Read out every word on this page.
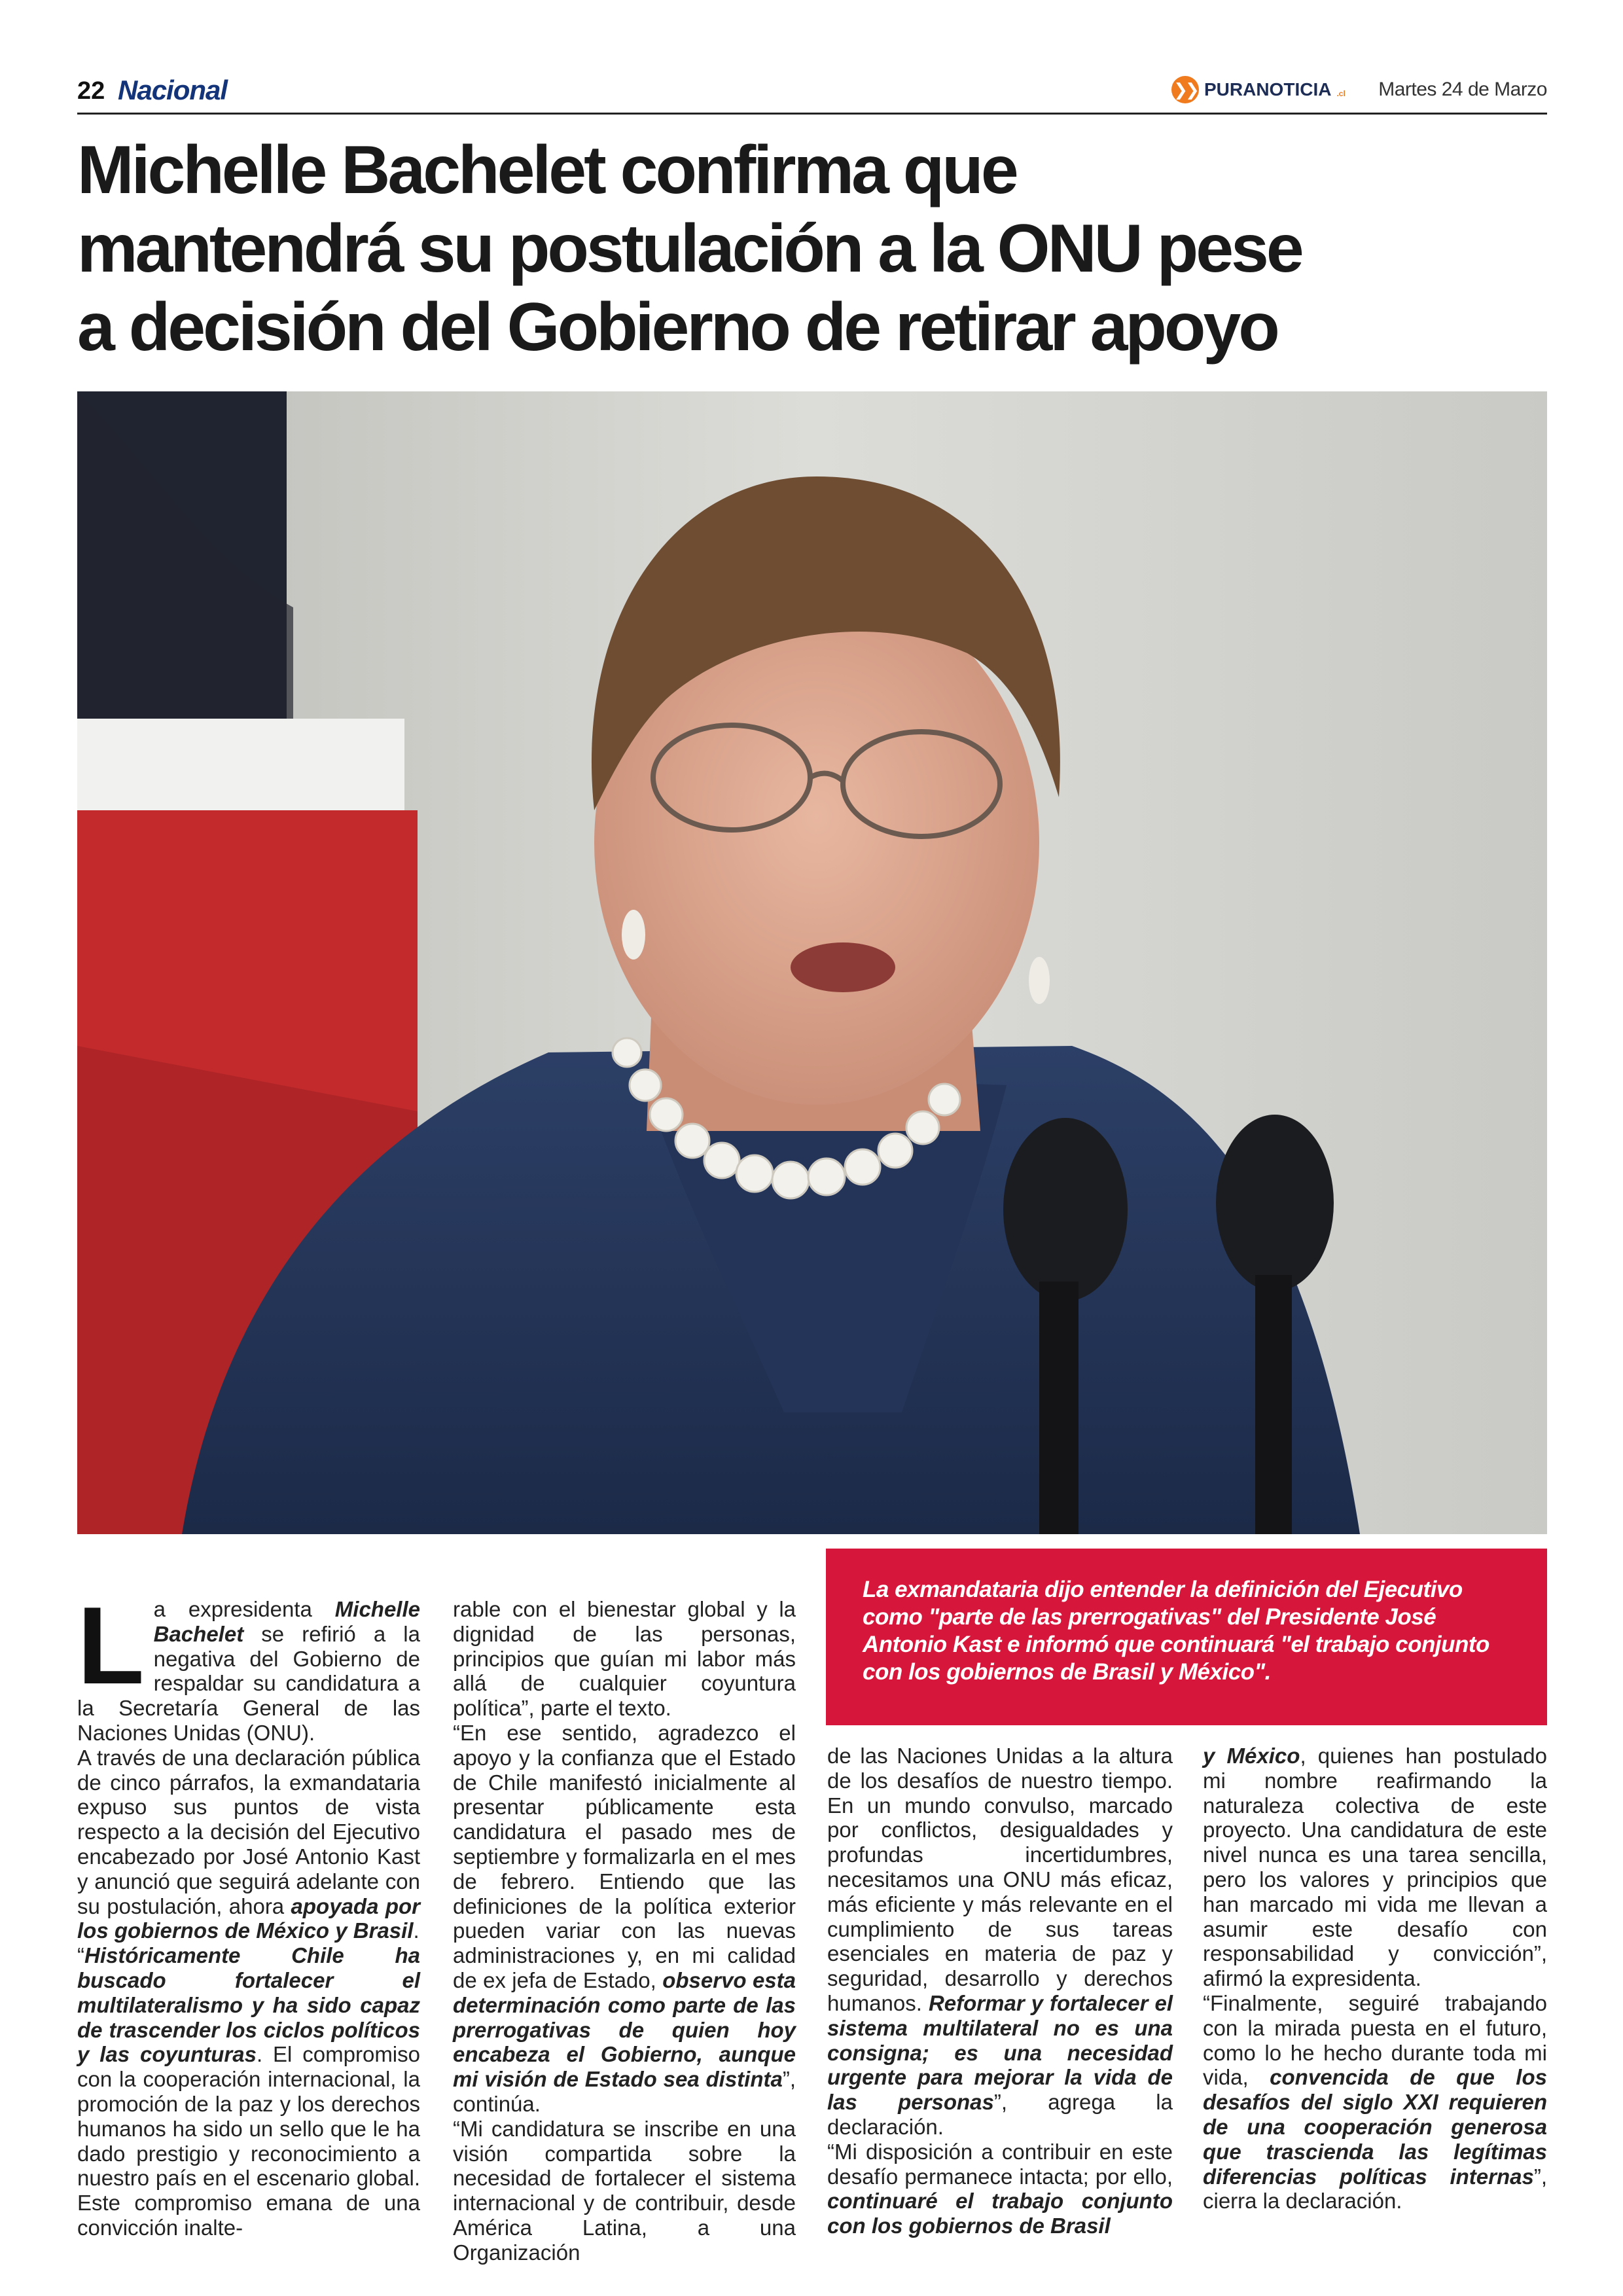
22 Nacional	❯❯ PURANOTICIA .cl Martes 24 de Marzo
Michelle Bachelet confirma que
mantendrá su postulación a la ONU pese
a decisión del Gobierno de retirar apoyo
La exmandataria dijo entender la definición del Ejecutivo como "parte de las prerrogativas" del Presidente José Antonio Kast e informó que continuará "el trabajo conjunto con los gobiernos de Brasil y México".

La expresidenta Michelle Bachelet se refirió a la negativa del Gobierno de respaldar su candidatura a la Secretaría General de las Naciones Unidas (ONU).

A través de una declaración pública de cinco párrafos, la exmandataria expuso sus puntos de vista respecto a la decisión del Ejecutivo encabezado por José Antonio Kast y anunció que seguirá adelante con su postulación, ahora apoyada por los gobiernos de México y Brasil.

“Históricamente Chile ha buscado fortalecer el multilateralismo y ha sido capaz de trascender los ciclos políticos y las coyunturas. El compromiso con la cooperación internacional, la promoción de la paz y los derechos humanos ha sido un sello que le ha dado prestigio y reconocimiento a nuestro país en el escenario global. Este compromiso emana de una convicción inalte-

rable con el bienestar global y la dignidad de las personas, principios que guían mi labor más allá de cualquier coyuntura política”, parte el texto.

“En ese sentido, agradezco el apoyo y la confianza que el Estado de Chile manifestó inicialmente al presentar públicamente esta candidatura el pasado mes de septiembre y formalizarla en el mes de febrero. Entiendo que las definiciones de la política exterior pueden variar con las nuevas administraciones y, en mi calidad de ex jefa de Estado, observo esta determinación como parte de las prerrogativas de quien hoy encabeza el Gobierno, aunque mi visión de Estado sea distinta”, continúa.

“Mi candidatura se inscribe en una visión compartida sobre la necesidad de fortalecer el sistema internacional y de contribuir, desde América Latina, a una Organización

de las Naciones Unidas a la altura de los desafíos de nuestro tiempo. En un mundo convulso, marcado por conflictos, desigualdades y profundas incertidumbres, necesitamos una ONU más eficaz, más eficiente y más relevante en el cumplimiento de sus tareas esenciales en materia de paz y seguridad, desarrollo y derechos humanos. Reformar y fortalecer el sistema multilateral no es una consigna; es una necesidad urgente para mejorar la vida de las personas”, agrega la declaración.

“Mi disposición a contribuir en este desafío permanece intacta; por ello, continuaré el trabajo conjunto con los gobiernos de Brasil

y México, quienes han postulado mi nombre reafirmando la naturaleza colectiva de este proyecto. Una candidatura de este nivel nunca es una tarea sencilla, pero los valores y principios que han marcado mi vida me llevan a asumir este desafío con responsabilidad y convicción”, afirmó la expresidenta.

“Finalmente, seguiré trabajando con la mirada puesta en el futuro, como lo he hecho durante toda mi vida, convencida de que los desafíos del siglo XXI requieren de una cooperación generosa que trascienda las legítimas diferencias políticas internas”, cierra la declaración.
